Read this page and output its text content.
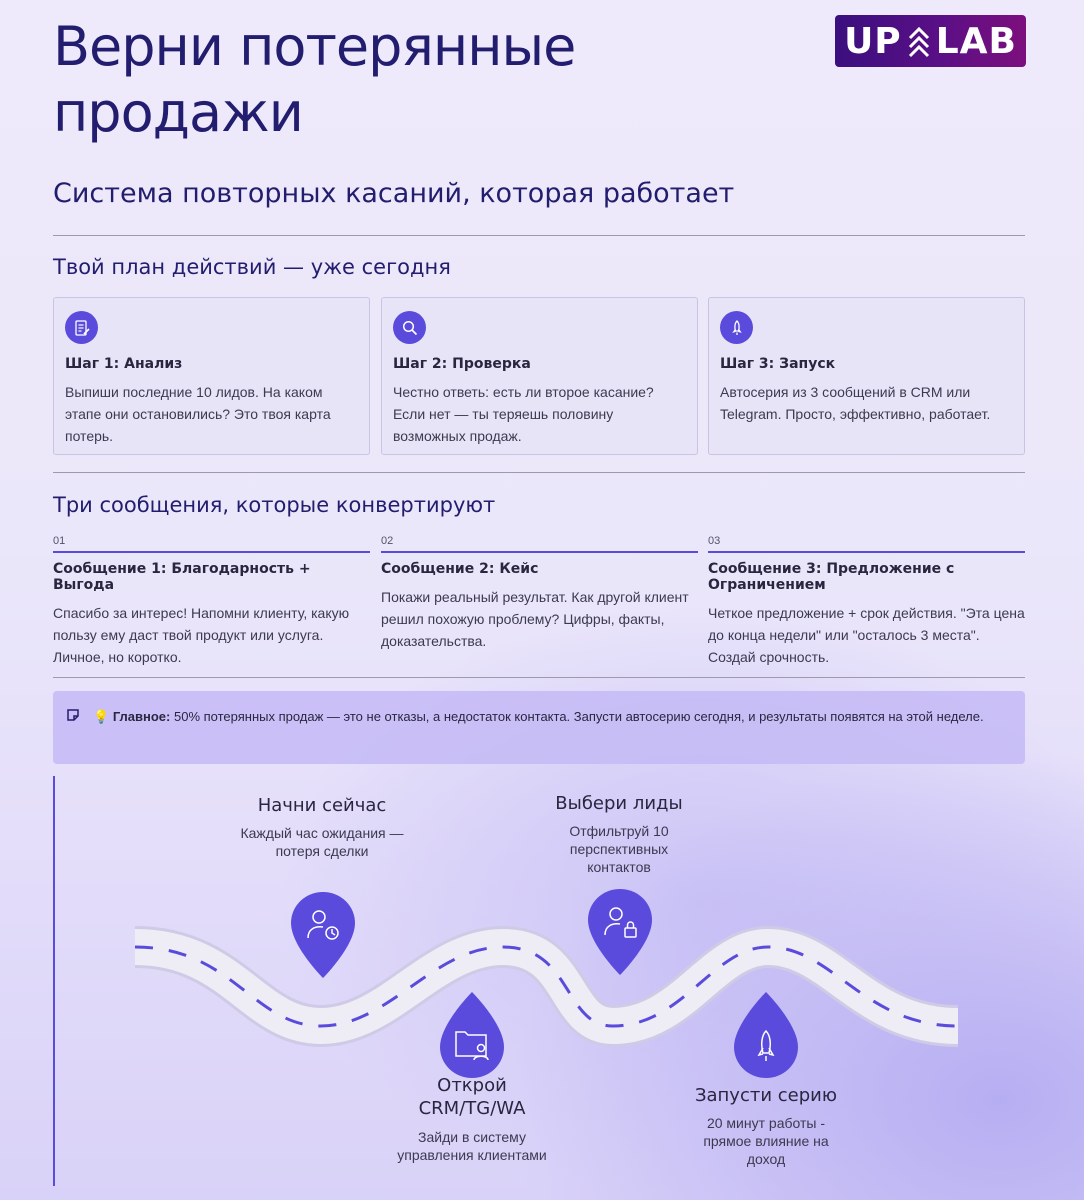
Верни потерянные продажи
UP LAB
Система повторных касаний, которая работает
Твой план действий — уже сегодня
Шаг 1: Анализ
Выпиши последние 10 лидов. На каком этапе они остановились? Это твоя карта потерь.
Шаг 2: Проверка
Честно ответь: есть ли второе касание? Если нет — ты теряешь половину возможных продаж.
Шаг 3: Запуск
Автосерия из 3 сообщений в CRM или Telegram. Просто, эффективно, работает.
Три сообщения, которые конвертируют
01
Сообщение 1: Благодарность + Выгода
Спасибо за интерес! Напомни клиенту, какую пользу ему даст твой продукт или услуга. Личное, но коротко.
02
Сообщение 2: Кейс
Покажи реальный результат. Как другой клиент решил похожую проблему? Цифры, факты, доказательства.
03
Сообщение 3: Предложение с Ограничением
Четкое предложение + срок действия. "Эта цена до конца недели" или "осталось 3 места". Создай срочность.
💡 Главное: 50% потерянных продаж — это не отказы, а недостаток контакта. Запусти автосерию сегодня, и результаты появятся на этой неделе.
Начни сейчас
Каждый час ожидания — потеря сделки
Выбери лиды
Отфильтруй 10 перспективных контактов
Открой CRM/TG/WA
Зайди в систему управления клиентами
Запусти серию
20 минут работы - прямое влияние на доход
